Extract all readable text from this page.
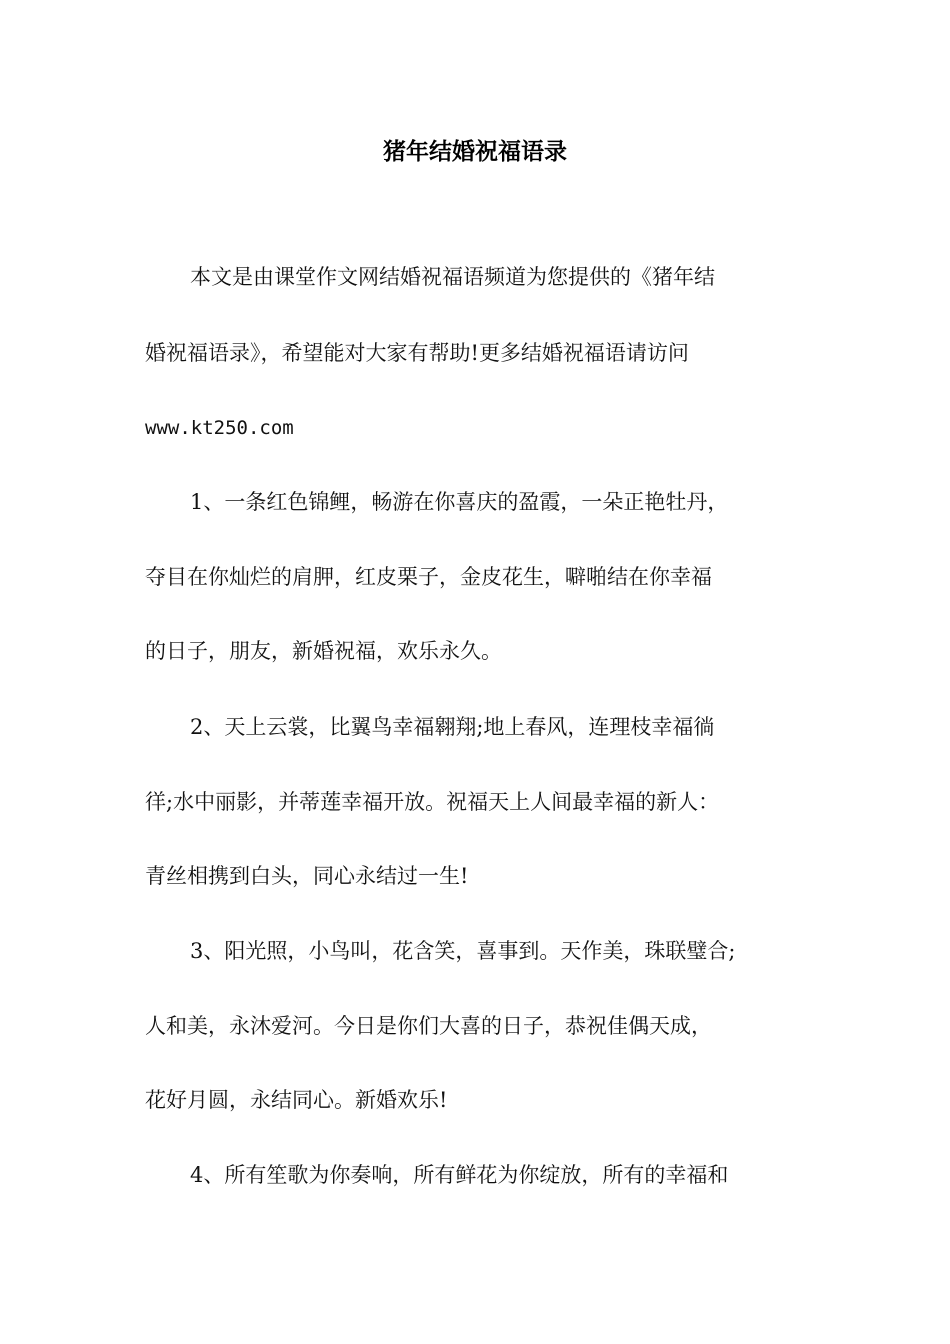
猪年结婚祝福语录
本文是由课堂作文网结婚祝福语频道为您提供的《猪年结
婚祝福语录》，希望能对大家有帮助!更多结婚祝福语请访问
www.kt250.com
1、一条红色锦鲤，畅游在你喜庆的盈霞，一朵正艳牡丹，
夺目在你灿烂的肩胛，红皮栗子，金皮花生，噼啪结在你幸福
的日子，朋友，新婚祝福，欢乐永久。
2、天上云裳，比翼鸟幸福翱翔;地上春风，连理枝幸福徜
徉;水中丽影，并蒂莲幸福开放。祝福天上人间最幸福的新人：
青丝相携到白头，同心永结过一生!
3、阳光照，小鸟叫，花含笑，喜事到。天作美，珠联璧合;
人和美，永沐爱河。今日是你们大喜的日子，恭祝佳偶天成，
花好月圆，永结同心。新婚欢乐!
4、所有笙歌为你奏响，所有鲜花为你绽放，所有的幸福和
